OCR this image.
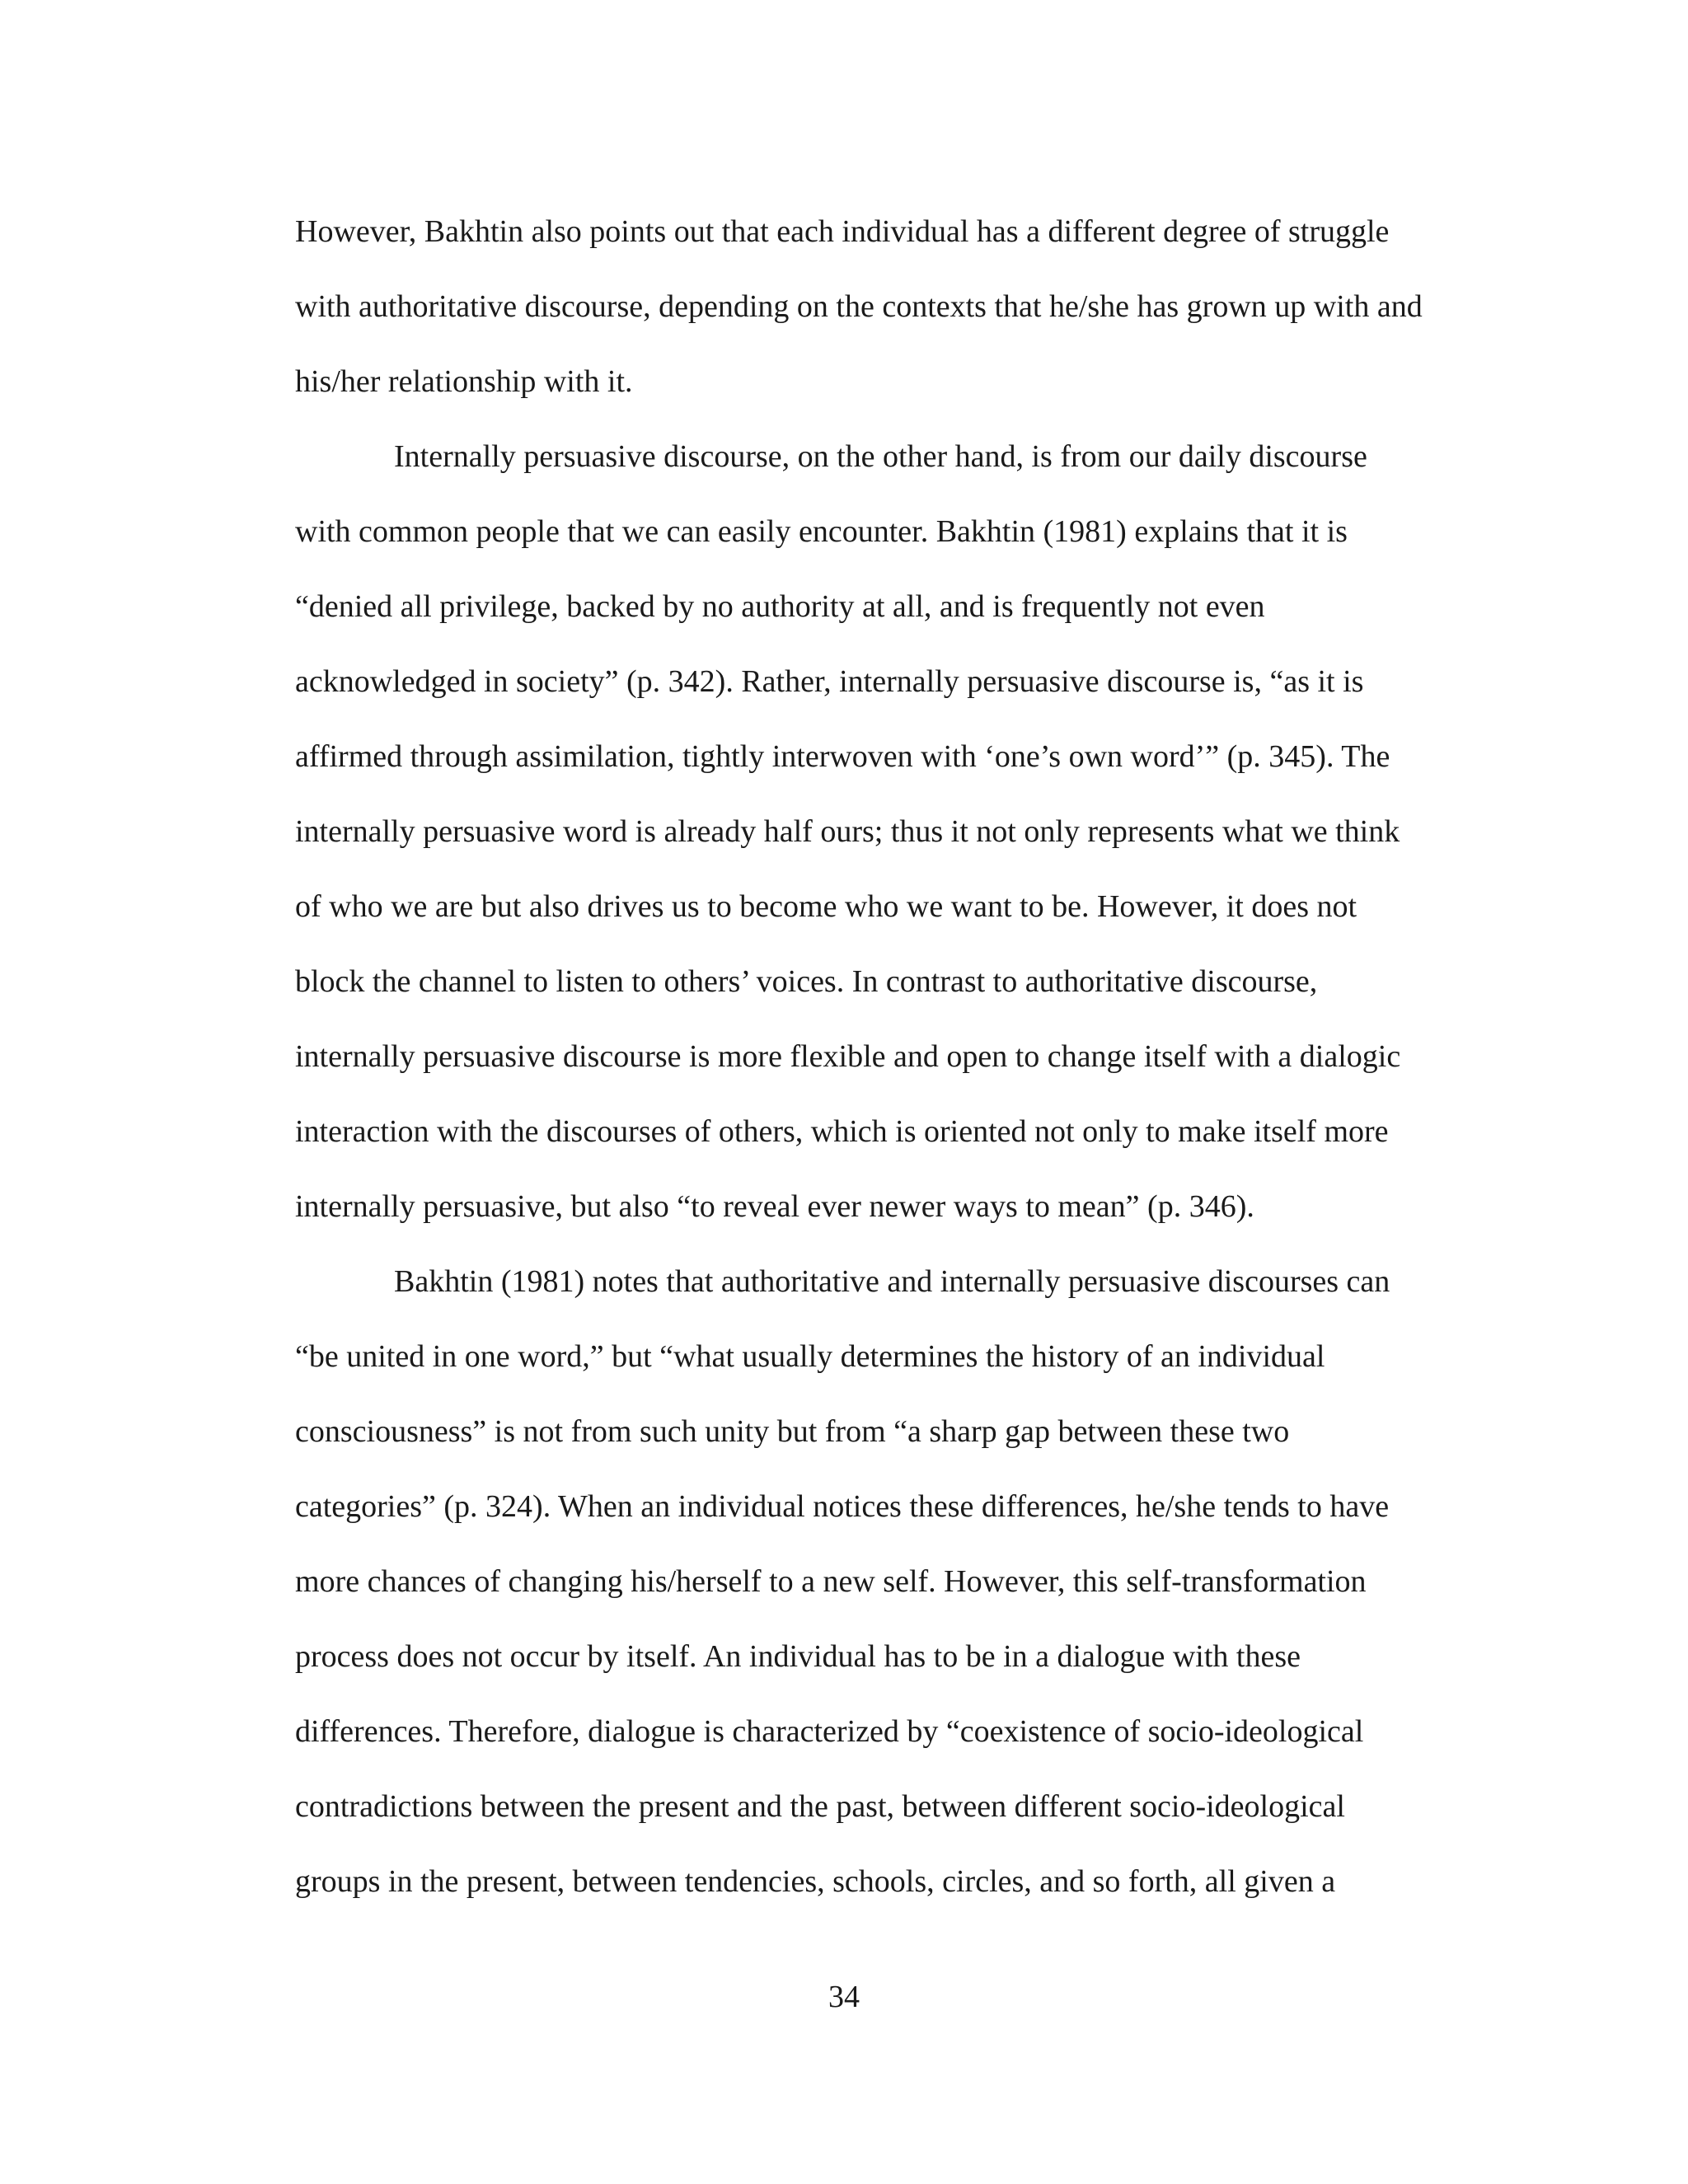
However, Bakhtin also points out that each individual has a different degree of struggle
with authoritative discourse, depending on the contexts that he/she has grown up with and
his/her relationship with it.
Internally persuasive discourse, on the other hand, is from our daily discourse
with common people that we can easily encounter. Bakhtin (1981) explains that it is
“denied all privilege, backed by no authority at all, and is frequently not even
acknowledged in society” (p. 342). Rather, internally persuasive discourse is, “as it is
affirmed through assimilation, tightly interwoven with ‘one’s own word’” (p. 345). The
internally persuasive word is already half ours; thus it not only represents what we think
of who we are but also drives us to become who we want to be. However, it does not
block the channel to listen to others’ voices. In contrast to authoritative discourse,
internally persuasive discourse is more flexible and open to change itself with a dialogic
interaction with the discourses of others, which is oriented not only to make itself more
internally persuasive, but also “to reveal ever newer ways to mean” (p. 346).
Bakhtin (1981) notes that authoritative and internally persuasive discourses can
“be united in one word,” but “what usually determines the history of an individual
consciousness” is not from such unity but from “a sharp gap between these two
categories” (p. 324). When an individual notices these differences, he/she tends to have
more chances of changing his/herself to a new self. However, this self-transformation
process does not occur by itself. An individual has to be in a dialogue with these
differences. Therefore, dialogue is characterized by “coexistence of socio-ideological
contradictions between the present and the past, between different socio-ideological
groups in the present, between tendencies, schools, circles, and so forth, all given a
34
